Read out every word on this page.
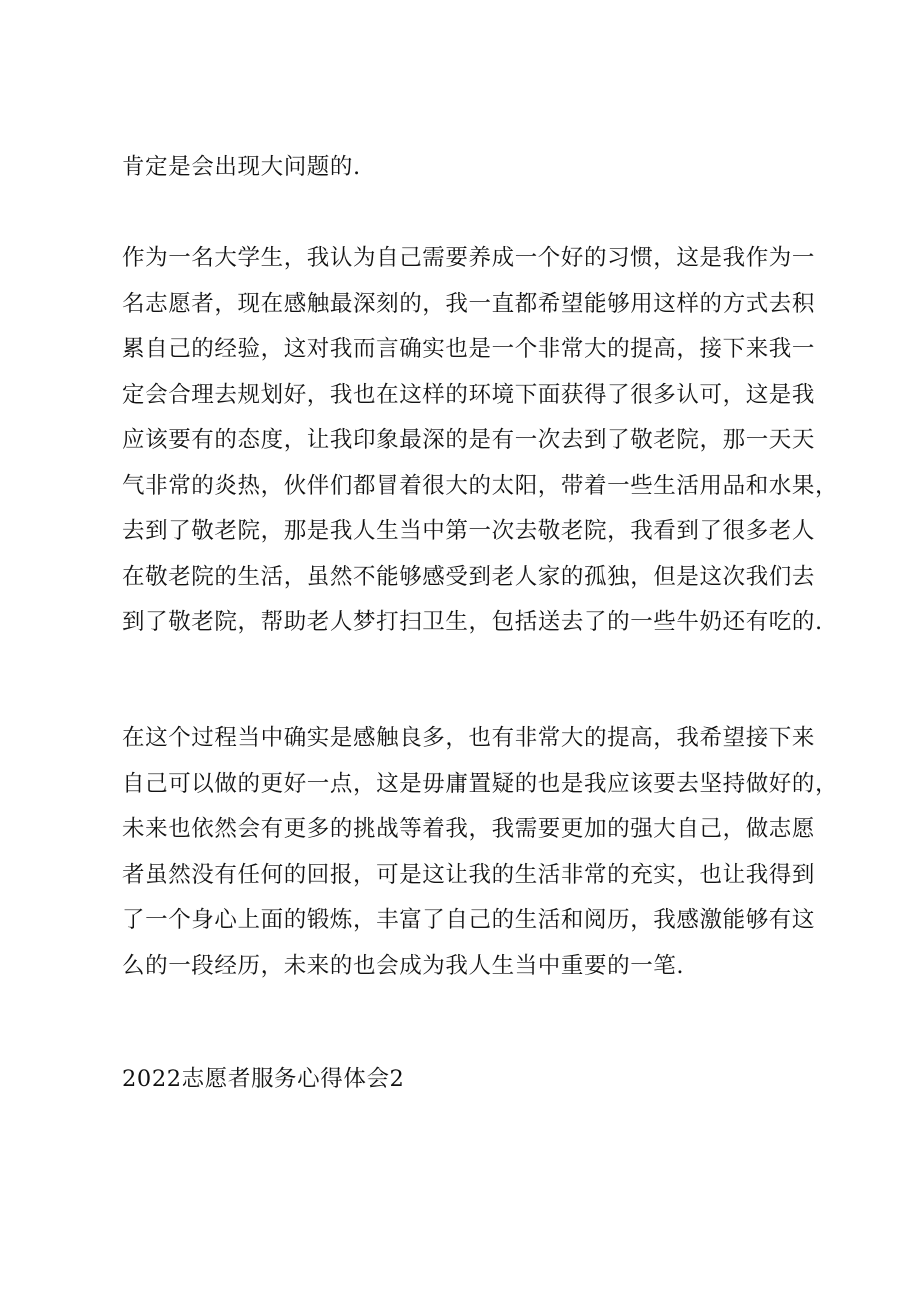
肯定是会出现大问题的.
作为一名大学生，我认为自己需要养成一个好的习惯，这是我作为一
名志愿者，现在感触最深刻的，我一直都希望能够用这样的方式去积
累自己的经验，这对我而言确实也是一个非常大的提高，接下来我一
定会合理去规划好，我也在这样的环境下面获得了很多认可，这是我
应该要有的态度，让我印象最深的是有一次去到了敬老院，那一天天
气非常的炎热，伙伴们都冒着很大的太阳，带着一些生活用品和水果，
去到了敬老院，那是我人生当中第一次去敬老院，我看到了很多老人
在敬老院的生活，虽然不能够感受到老人家的孤独，但是这次我们去
到了敬老院，帮助老人梦打扫卫生，包括送去了的一些牛奶还有吃的.
在这个过程当中确实是感触良多，也有非常大的提高，我希望接下来
自己可以做的更好一点，这是毋庸置疑的也是我应该要去坚持做好的，
未来也依然会有更多的挑战等着我，我需要更加的强大自己，做志愿
者虽然没有任何的回报，可是这让我的生活非常的充实，也让我得到
了一个身心上面的锻炼，丰富了自己的生活和阅历，我感激能够有这
么的一段经历，未来的也会成为我人生当中重要的一笔.
2022志愿者服务心得体会2
